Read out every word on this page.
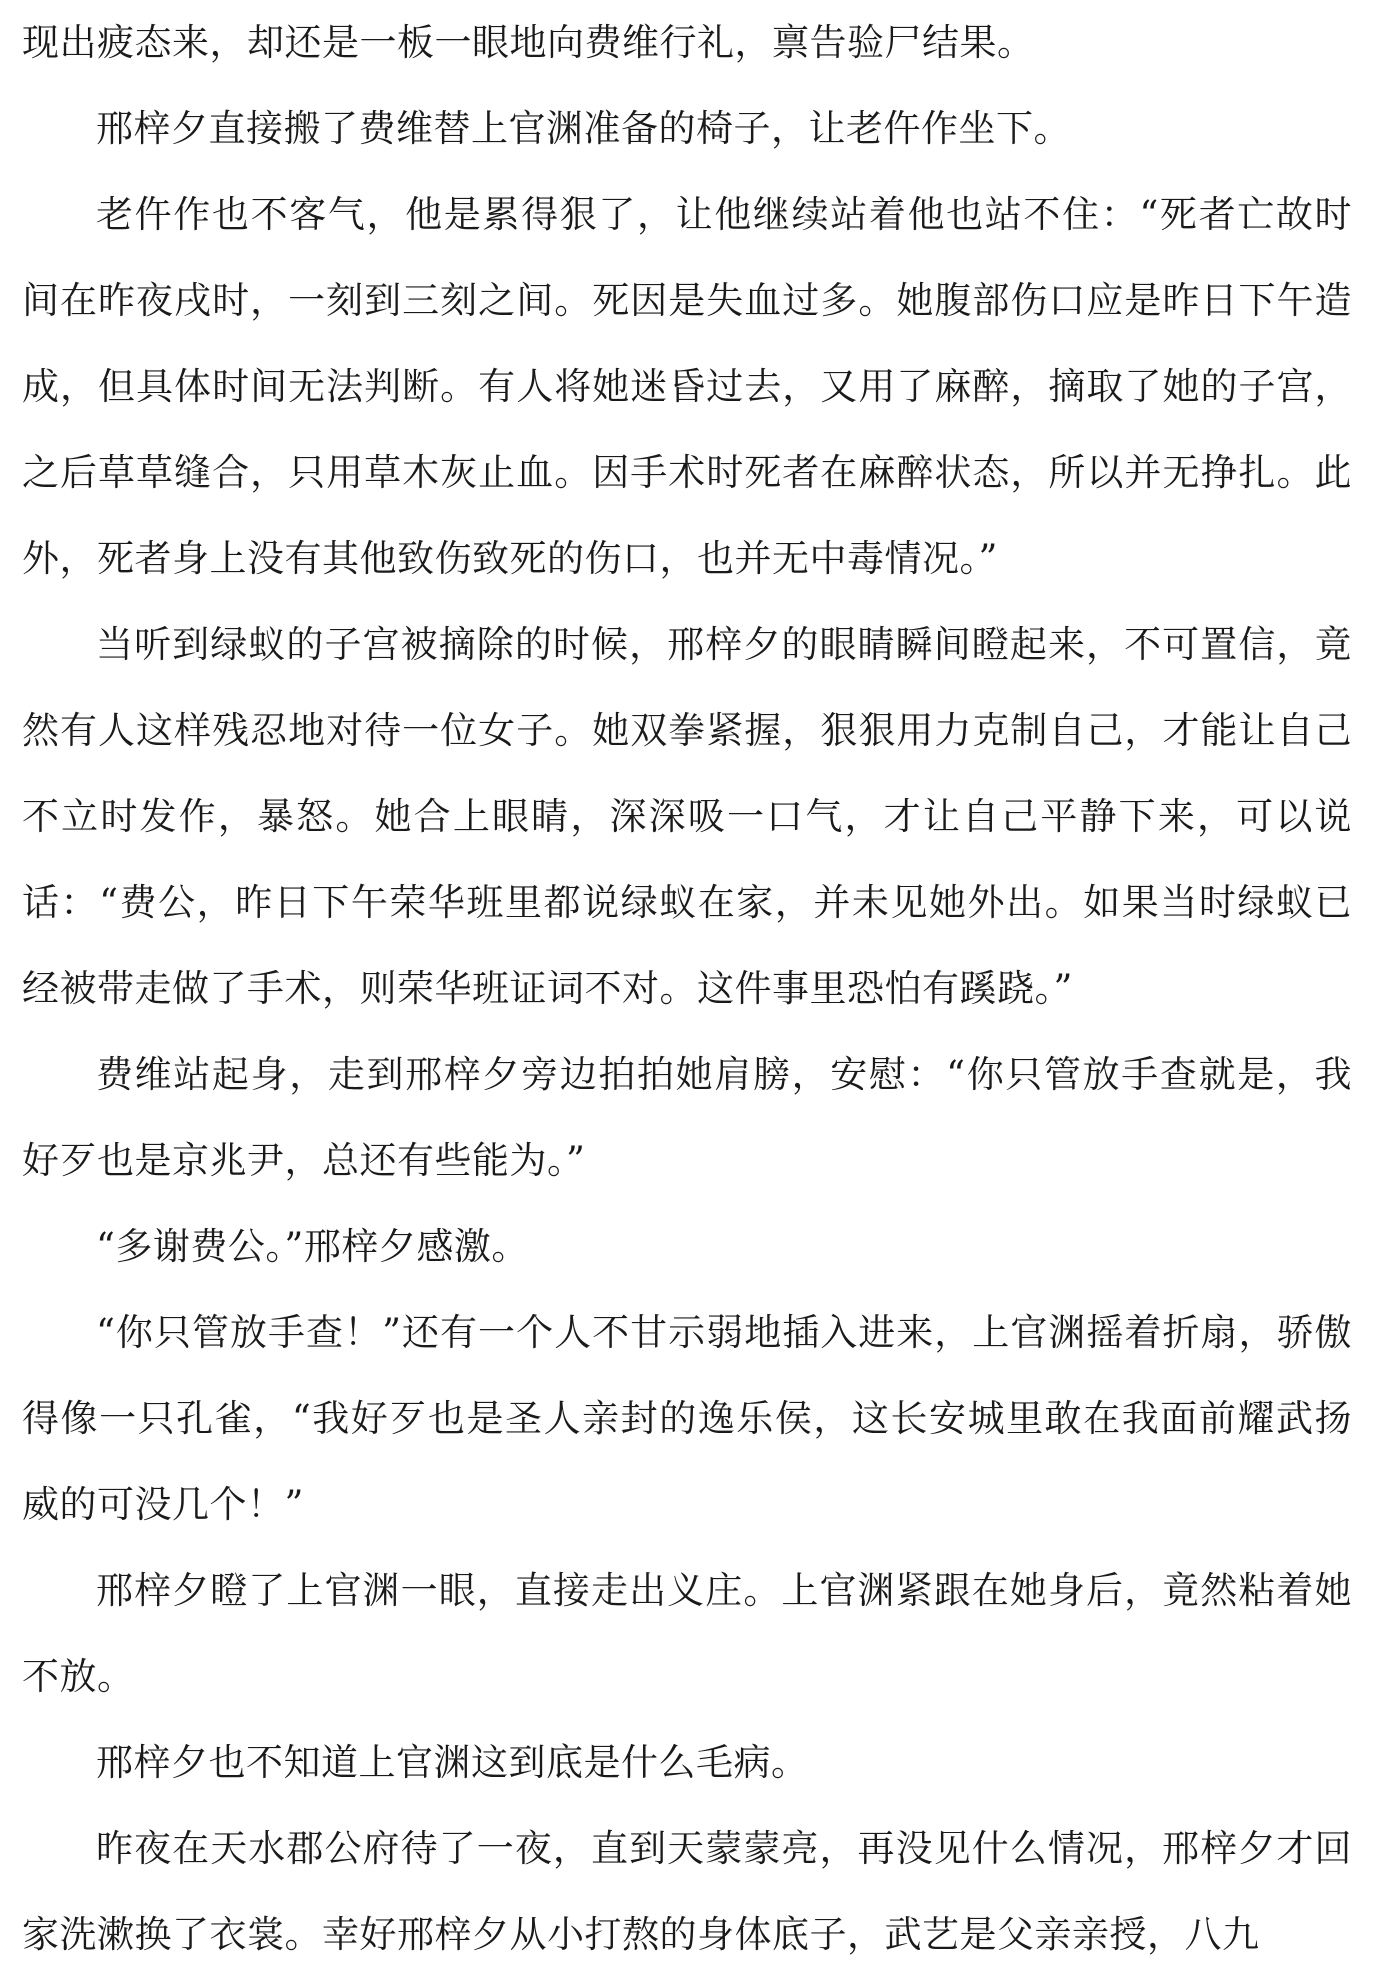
现出疲态来，却还是一板一眼地向费维行礼，禀告验尸结果。

邢梓夕直接搬了费维替上官渊准备的椅子，让老仵作坐下。

老仵作也不客气，他是累得狠了，让他继续站着他也站不住：“死者亡故时间在昨夜戌时，一刻到三刻之间。死因是失血过多。她腹部伤口应是昨日下午造成，但具体时间无法判断。有人将她迷昏过去，又用了麻醉，摘取了她的子宫，之后草草缝合，只用草木灰止血。因手术时死者在麻醉状态，所以并无挣扎。此外，死者身上没有其他致伤致死的伤口，也并无中毒情况。”

当听到绿蚁的子宫被摘除的时候，邢梓夕的眼睛瞬间瞪起来，不可置信，竟然有人这样残忍地对待一位女子。她双拳紧握，狠狠用力克制自己，才能让自己不立时发作，暴怒。她合上眼睛，深深吸一口气，才让自己平静下来，可以说话：“费公，昨日下午荣华班里都说绿蚁在家，并未见她外出。如果当时绿蚁已经被带走做了手术，则荣华班证词不对。这件事里恐怕有蹊跷。”

费维站起身，走到邢梓夕旁边拍拍她肩膀，安慰：“你只管放手查就是，我好歹也是京兆尹，总还有些能为。”

“多谢费公。”邢梓夕感激。

“你只管放手查！”还有一个人不甘示弱地插入进来，上官渊摇着折扇，骄傲得像一只孔雀，“我好歹也是圣人亲封的逸乐侯，这长安城里敢在我面前耀武扬威的可没几个！”

邢梓夕瞪了上官渊一眼，直接走出义庄。上官渊紧跟在她身后，竟然粘着她不放。

邢梓夕也不知道上官渊这到底是什么毛病。

昨夜在天水郡公府待了一夜，直到天蒙蒙亮，再没见什么情况，邢梓夕才回家洗漱换了衣裳。幸好邢梓夕从小打熬的身体底子，武艺是父亲亲授，八九
